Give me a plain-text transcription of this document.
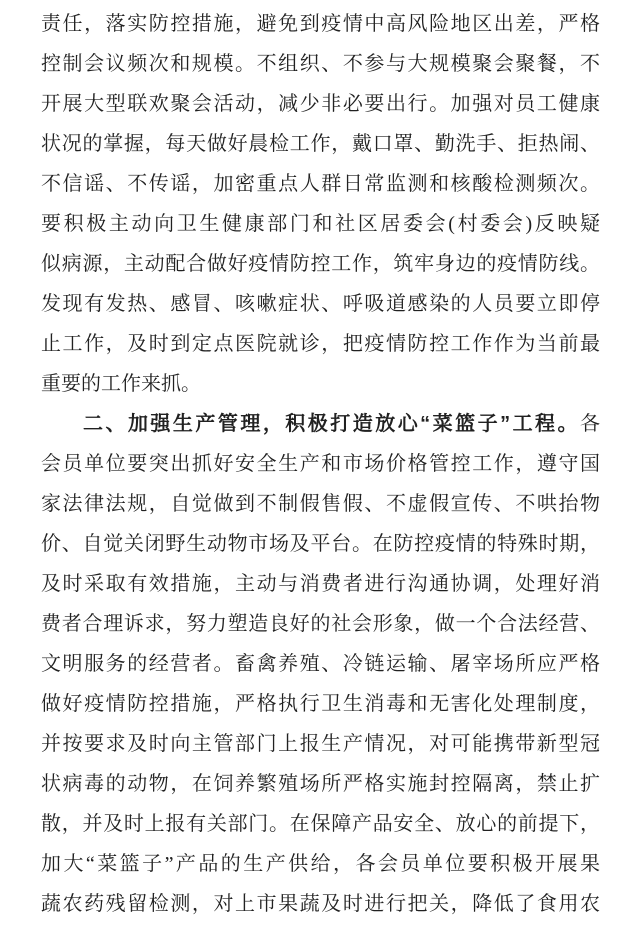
责任，落实防控措施，避免到疫情中高风险地区出差，严格
控制会议频次和规模。不组织、不参与大规模聚会聚餐，不
开展大型联欢聚会活动，减少非必要出行。加强对员工健康
状况的掌握，每天做好晨检工作，戴口罩、勤洗手、拒热闹、
不信谣、不传谣，加密重点人群日常监测和核酸检测频次。
要积极主动向卫生健康部门和社区居委会(村委会)反映疑
似病源，主动配合做好疫情防控工作，筑牢身边的疫情防线。
发现有发热、感冒、咳嗽症状、呼吸道感染的人员要立即停
止工作，及时到定点医院就诊，把疫情防控工作作为当前最
重要的工作来抓。
二、加强生产管理，积极打造放心“菜篮子”工程。各
会员单位要突出抓好安全生产和市场价格管控工作，遵守国
家法律法规，自觉做到不制假售假、不虚假宣传、不哄抬物
价、自觉关闭野生动物市场及平台。在防控疫情的特殊时期，
及时采取有效措施，主动与消费者进行沟通协调，处理好消
费者合理诉求，努力塑造良好的社会形象，做一个合法经营、
文明服务的经营者。畜禽养殖、冷链运输、屠宰场所应严格
做好疫情防控措施，严格执行卫生消毒和无害化处理制度，
并按要求及时向主管部门上报生产情况，对可能携带新型冠
状病毒的动物，在饲养繁殖场所严格实施封控隔离，禁止扩
散，并及时上报有关部门。在保障产品安全、放心的前提下，
加大“菜篮子”产品的生产供给，各会员单位要积极开展果
蔬农药残留检测，对上市果蔬及时进行把关，降低了食用农
